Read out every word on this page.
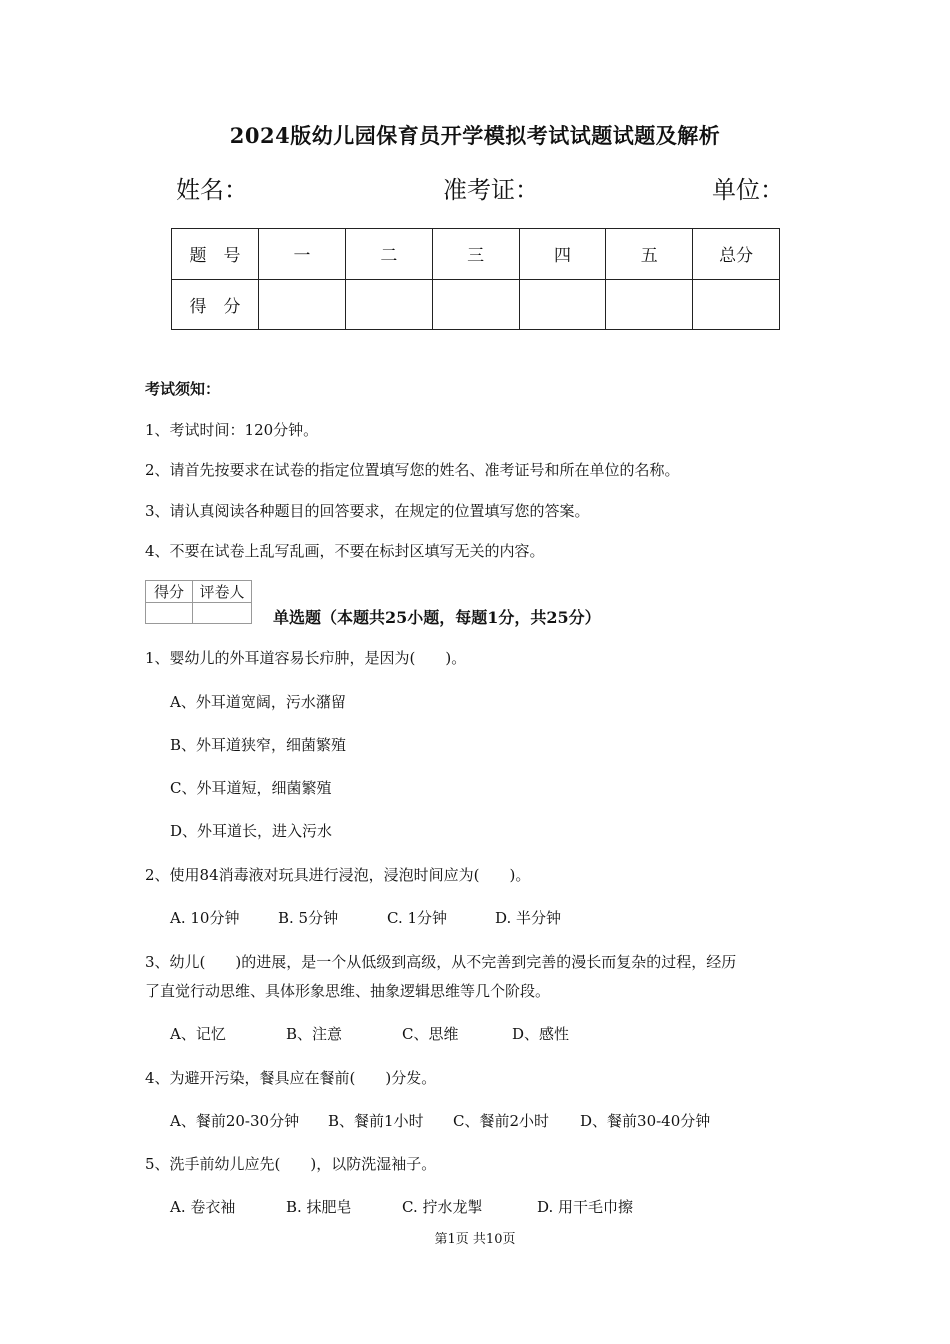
2024版幼儿园保育员开学模拟考试试题试题及解析
姓名：	准考证：	单位：
题　号	一	二	三	四	五	总分
得　分						
考试须知：
1、考试时间：120分钟。
2、请首先按要求在试卷的指定位置填写您的姓名、准考证号和所在单位的名称。
3、请认真阅读各种题目的回答要求，在规定的位置填写您的答案。
4、不要在试卷上乱写乱画，不要在标封区填写无关的内容。
得分	评卷人

单选题（本题共25小题，每题1分，共25分）
1、婴幼儿的外耳道容易长疖肿，是因为(　　)。
A、外耳道宽阔，污水潴留
B、外耳道狭窄，细菌繁殖
C、外耳道短，细菌繁殖
D、外耳道长，进入污水
2、使用84消毒液对玩具进行浸泡，浸泡时间应为(　　)。
A. 10分钟	B. 5分钟	C. 1分钟	D. 半分钟
3、幼儿(　　)的进展，是一个从低级到高级，从不完善到完善的漫长而复杂的过程，经历
了直觉行动思维、具体形象思维、抽象逻辑思维等几个阶段。
A、记忆	B、注意	C、思维	D、感性
4、为避开污染，餐具应在餐前(　　)分发。
A、餐前20-30分钟 B、餐前1小时 C、餐前2小时 D、餐前30-40分钟
5、洗手前幼儿应先(　　)，以防洗湿袖子。
A. 卷衣袖	B. 抹肥皂	C. 拧水龙掣	D. 用干毛巾擦
第1页 共10页
